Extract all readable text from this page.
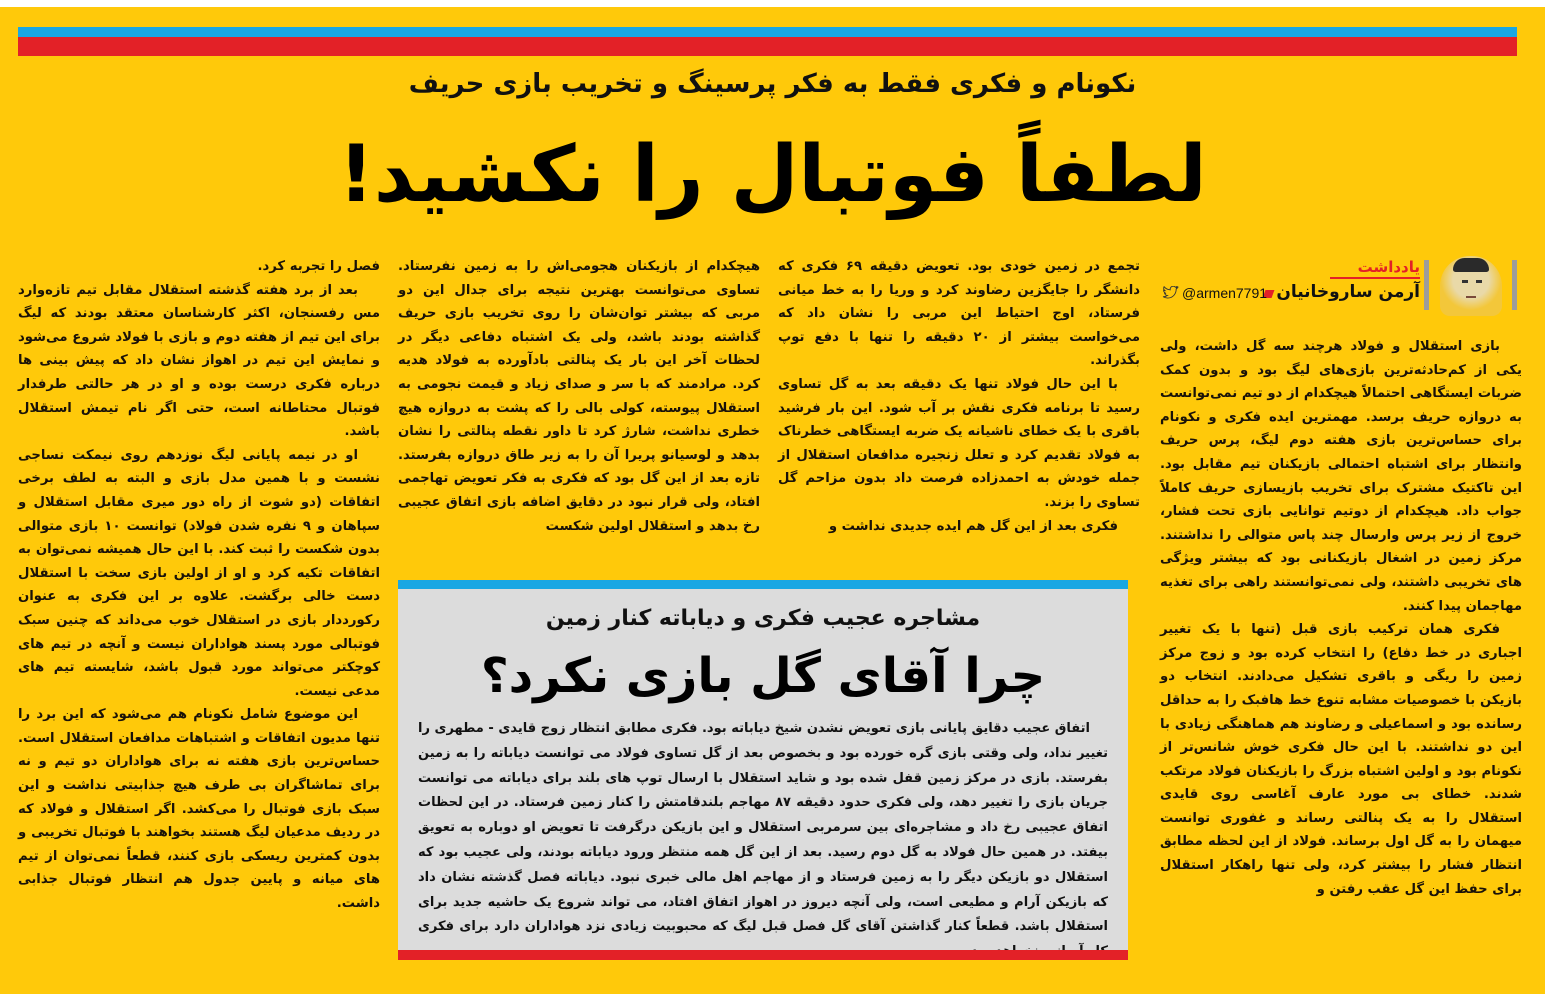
نکونام و فکری فقط به فکر پرسینگ و تخریب بازی حریف
لطفاً فوتبال را نکشید!
یادداشت
آرمن ساروخانیان
@armen7791

بازی استقلال و فولاد هرچند سه گل داشت، ولی یکی از کم‌حادثه‌ترین بازی‌های لیگ بود و بدون کمک ضربات ایستگاهی احتمالاً هیچکدام از دو تیم نمی‌توانست به دروازه حریف برسد. مهمترین ایده فکری و نکونام برای حساس‌ترین بازی هفته دوم لیگ، پرس حریف وانتظار برای اشتباه احتمالی بازیکنان تیم مقابل بود. این تاکتیک مشترک برای تخریب بازیسازی حریف کاملاً جواب داد. هیچکدام از دوتیم توانایی بازی تحت فشار، خروج از زیر پرس وارسال چند پاس متوالی را نداشتند. مرکز زمین در اشغال بازیکنانی بود که بیشتر ویژگی های تخریبی داشتند، ولی نمی‌توانستند راهی برای تغذیه مهاجمان پیدا کنند.

فکری همان ترکیب بازی قبل (تنها با یک تغییر اجباری در خط دفاع) را انتخاب کرده بود و زوج مرکز زمین را ریگی و باقری تشکیل می‌دادند. انتخاب دو بازیکن با خصوصیات مشابه تنوع خط هافبک را به حداقل رسانده بود و اسماعیلی و رضاوند هم هماهنگی زیادی با این دو نداشتند. با این حال فکری خوش شانس‌تر از نکونام بود و اولین اشتباه بزرگ را بازیکنان فولاد مرتکب شدند. خطای بی مورد عارف آغاسی روی قایدی استقلال را به یک پنالتی رساند و غفوری توانست میهمان را به گل اول برساند. فولاد از این لحظه مطابق انتظار فشار را بیشتر کرد، ولی تنها راهکار استقلال برای حفظ این گل عقب رفتن و

تجمع در زمین خودی بود. تعویض دقیقه ۶۹ فکری که دانشگر را جایگزین رضاوند کرد و وریا را به خط میانی فرستاد، اوج احتیاط این مربی را نشان داد که می‌خواست بیشتر از ۲۰ دقیقه را تنها با دفع توپ بگذراند.

با این حال فولاد تنها یک دقیقه بعد به گل تساوی رسید تا برنامه فکری نقش بر آب شود. این بار فرشید باقری با یک خطای ناشیانه یک ضربه ایستگاهی خطرناک به فولاد تقدیم کرد و تعلل زنجیره مدافعان استقلال از جمله خودش به احمدزاده فرصت داد بدون مزاحم گل تساوی را بزند.

فکری بعد از این گل هم ایده جدیدی نداشت و

هیچکدام از بازیکنان هجومی‌اش را به زمین نفرستاد. تساوی می‌توانست بهترین نتیجه برای جدال این دو مربی که بیشتر توان‌شان را روی تخریب بازی حریف گذاشته بودند باشد، ولی یک اشتباه دفاعی دیگر در لحظات آخر این بار یک پنالتی بادآورده به فولاد هدیه کرد. مرادمند که با سر و صدای زیاد و قیمت نجومی به استقلال پیوسته، کولی بالی را که پشت به دروازه هیچ خطری نداشت، شارژ کرد تا داور نقطه پنالتی را نشان بدهد و لوسیانو پریرا آن را به زیر طاق دروازه بفرستد. تازه بعد از این گل بود که فکری به فکر تعویض تهاجمی افتاد، ولی قرار نبود در دقایق اضافه بازی اتفاق عجیبی رخ بدهد و استقلال اولین شکست

فصل را تجربه کرد.

بعد از برد هفته گذشته استقلال مقابل تیم تازه‌وارد مس رفسنجان، اکثر کارشناسان معتقد بودند که لیگ برای این تیم از هفته دوم و بازی با فولاد شروع می‌شود و نمایش این تیم در اهواز نشان داد که پیش بینی ها درباره فکری درست بوده و او در هر حالتی طرفدار فوتبال محتاطانه است، حتی اگر نام تیمش استقلال باشد.

او در نیمه پایانی لیگ نوزدهم روی نیمکت نساجی نشست و با همین مدل بازی و البته به لطف برخی اتفاقات (دو شوت از راه دور میری مقابل استقلال و سپاهان و ۹ نفره شدن فولاد) توانست ۱۰ بازی متوالی بدون شکست را ثبت کند. با این حال همیشه نمی‌توان به اتفاقات تکیه کرد و او از اولین بازی سخت با استقلال دست خالی برگشت. علاوه بر این فکری به عنوان رکورددار بازی در استقلال خوب می‌داند که چنین سبک فوتبالی مورد پسند هواداران نیست و آنچه در تیم های کوچکتر می‌تواند مورد قبول باشد، شایسته تیم های مدعی نیست.

این موضوع شامل نکونام هم می‌شود که این برد را تنها مدیون اتفاقات و اشتباهات مدافعان استقلال است. حساس‌ترین بازی هفته نه برای هواداران دو تیم و نه برای تماشاگران بی طرف هیچ جذابیتی نداشت و این سبک بازی فوتبال را می‌کشد. اگر استقلال و فولاد که در ردیف مدعیان لیگ هستند بخواهند با فوتبال تخریبی و بدون کمترین ریسکی بازی کنند، قطعاً نمی‌توان از تیم های میانه و پایین جدول هم انتظار فوتبال جذابی داشت.

مشاجره عجیب فکری و دیاباته کنار زمین
چرا آقای گل بازی نکرد؟

اتفاق عجیب دقایق پایانی بازی تعویض نشدن شیخ دیاباته بود. فکری مطابق انتظار زوج قایدی - مطهری را تغییر نداد، ولی وقتی بازی گره خورده بود و بخصوص بعد از گل تساوی فولاد می توانست دیاباته را به زمین بفرستد. بازی در مرکز زمین قفل شده بود و شاید استقلال با ارسال توپ های بلند برای دیاباته می توانست جریان بازی را تغییر دهد، ولی فکری حدود دقیقه ۸۷ مهاجم بلندقامتش را کنار زمین فرستاد. در این لحظات اتفاق عجیبی رخ داد و مشاجره‌ای بین سرمربی استقلال و این بازیکن درگرفت تا تعویض او دوباره به تعویق بیفتد. در همین حال فولاد به گل دوم رسید. بعد از این گل همه منتظر ورود دیاباته بودند، ولی عجیب بود که استقلال دو بازیکن دیگر را به زمین فرستاد و از مهاجم اهل مالی خبری نبود. دیاباته فصل گذشته نشان داد که بازیکن آرام و مطیعی است، ولی آنچه دیروز در اهواز اتفاق افتاد، می تواند شروع یک حاشیه جدید برای استقلال باشد. قطعاً کنار گذاشتن آقای گل فصل قبل لیگ که محبوبیت زیادی نزد هواداران دارد برای فکری
